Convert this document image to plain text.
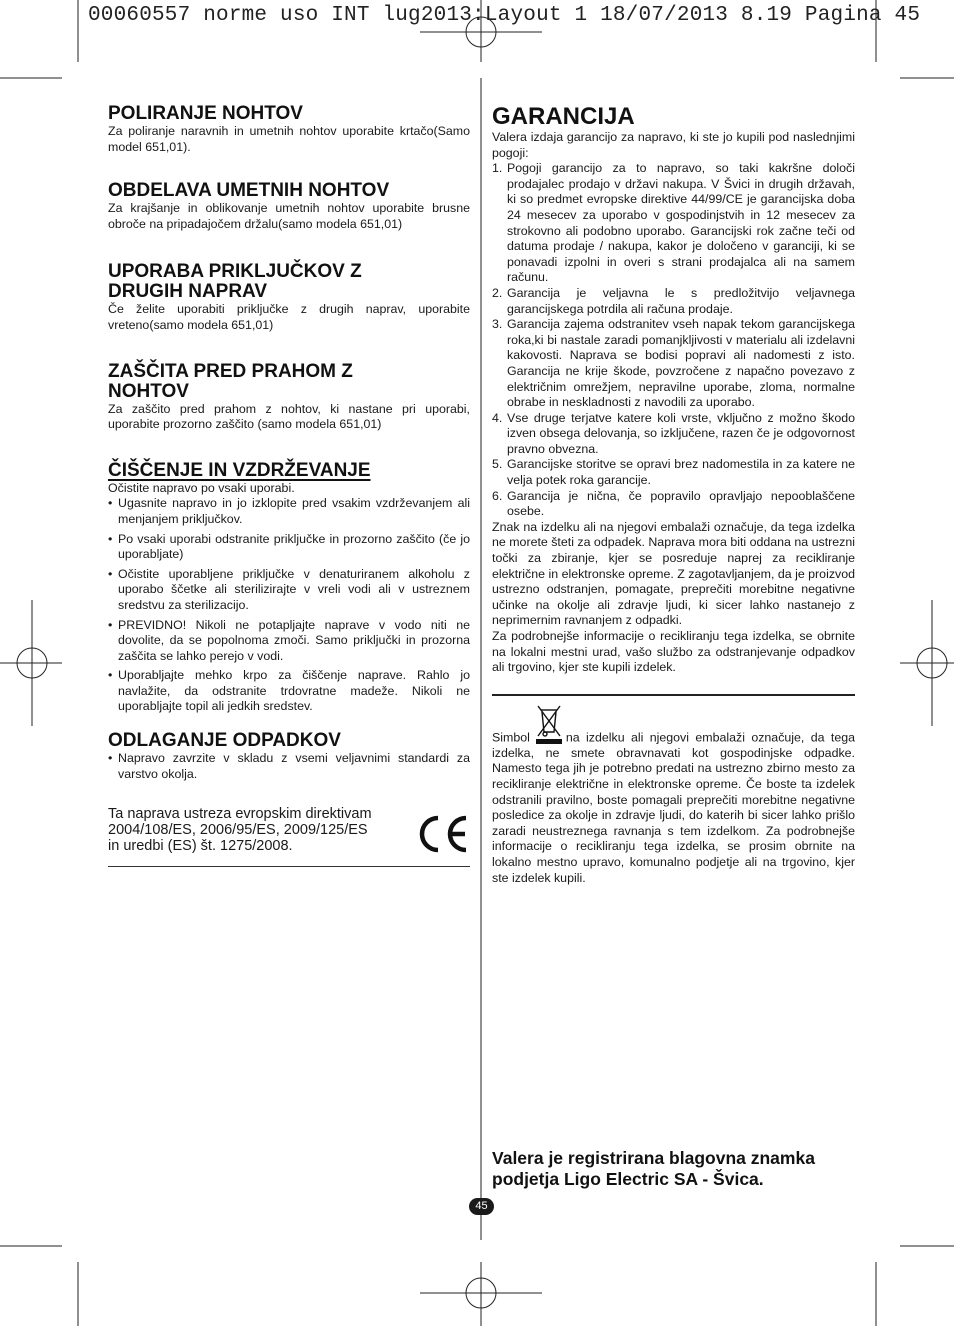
00060557 norme uso INT lug2013:Layout 1 18/07/2013 8.19 Pagina 45
POLIRANJE NOHTOV

Za poliranje naravnih in umetnih nohtov uporabite krtačo(Samo model 651,01).

OBDELAVA UMETNIH NOHTOV

Za krajšanje in oblikovanje umetnih nohtov uporabite brusne obroče na pripadajočem držalu(samo modela 651,01)

UPORABA PRIKLJUČKOV Z
DRUGIH NAPRAV

Če želite uporabiti priključke z drugih naprav, uporabite vreteno(samo modela 651,01)

ZAŠČITA PRED PRAHOM Z
NOHTOV

Za zaščito pred prahom z nohtov, ki nastane pri uporabi, uporabite prozorno zaščito (samo modela 651,01)

ČIŠČENJE IN VZDRŽEVANJE

Očistite napravo po vsaki uporabi.

• Ugasnite napravo in jo izklopite pred vsakim vzdrževanjem ali menjanjem priključkov.
• Po vsaki uporabi odstranite priključke in prozorno zaščito (če jo uporabljate)
• Očistite uporabljene priključke v denaturiranem alkoholu z uporabo ščetke ali sterilizirajte v vreli vodi ali v ustreznem sredstvu za sterilizacijo.
• PREVIDNO! Nikoli ne potapljajte naprave v vodo niti ne dovolite, da se popolnoma zmoči. Samo priključki in prozorna zaščita se lahko perejo v vodi.
• Uporabljajte mehko krpo za čiščenje naprave. Rahlo jo navlažite, da odstranite trdovratne madeže. Nikoli ne uporabljajte topil ali jedkih sredstev.
ODLAGANJE ODPADKOV
• Napravo zavrzite v skladu z vsemi veljavnimi standardi za varstvo okolja.

Ta naprava ustreza evropskim direktivam

2004/108/ES, 2006/95/ES, 2009/125/ES

in uredbi (ES) št. 1275/2008.

GARANCIJA

Valera izdaja garancijo za napravo, ki ste jo kupili pod naslednjimi pogoji:

1. Pogoji garancijo za to napravo, so taki kakršne določi prodajalec prodajo v državi nakupa. V Švici in drugih državah, ki so predmet evropske direktive 44/99/CE je garancijska doba 24 mesecev za uporabo v gospodinjstvih in 12 mesecev za strokovno ali podobno uporabo. Garancijski rok začne teči od datuma prodaje / nakupa, kakor je določeno v garanciji, ki se ponavadi izpolni in overi s strani prodajalca ali na samem računu.
2. Garancija je veljavna le s predložitvijo veljavnega garancijskega potrdila ali računa prodaje.
3. Garancija zajema odstranitev vseh napak tekom garancijskega roka,ki bi nastale zaradi pomanjkljivosti v materialu ali izdelavni kakovosti. Naprava se bodisi popravi ali nadomesti z isto. Garancija ne krije škode, povzročene z napačno povezavo z električnim omrežjem, nepravilne uporabe, zloma, normalne obrabe in neskladnosti z navodili za uporabo.
4. Vse druge terjatve katere koli vrste, vključno z možno škodo izven obsega delovanja, so izključene, razen če je odgovornost pravno obvezna.
5. Garancijske storitve se opravi brez nadomestila in za katere ne velja potek roka garancije.
6. Garancija je nična, če popravilo opravljajo nepooblaščene osebe.

Znak na izdelku ali na njegovi embalaži označuje, da tega izdelka ne morete šteti za odpadek. Naprava mora biti oddana na ustrezni točki za zbiranje, kjer se posreduje naprej za recikliranje električne in elektronske opreme. Z zagotavljanjem, da je proizvod ustrezno odstranjen, pomagate, preprečiti morebitne negativne učinke na okolje ali zdravje ljudi, ki sicer lahko nastanejo z neprimernim ravnanjem z odpadki.

Za podrobnejše informacije o recikliranju tega izdelka, se obrnite na lokalni mestni urad, vašo službo za odstranjevanje odpadkov ali trgovino, kjer ste kupili izdelek.

Simbol	na izdelku ali njegovi embalaži označuje, da tega izdelka, ne smete obravnavati kot gospodinjske odpadke. Namesto tega jih je potrebno predati na ustrezno zbirno mesto za recikliranje električne in elektronske opreme. Če boste ta izdelek odstranili pravilno, boste pomagali preprečiti morebitne negativne posledice za okolje in zdravje ljudi, do katerih bi sicer lahko prišlo zaradi neustreznega ravnanja s tem izdelkom. Za podrobnejše informacije o recikliranju tega izdelka, se prosim obrnite na lokalno mestno upravo, komunalno podjetje ali na trgovino, kjer ste izdelek kupili.

Valera je registrirana blagovna znamka
podjetja Ligo Electric SA - Švica.
45
